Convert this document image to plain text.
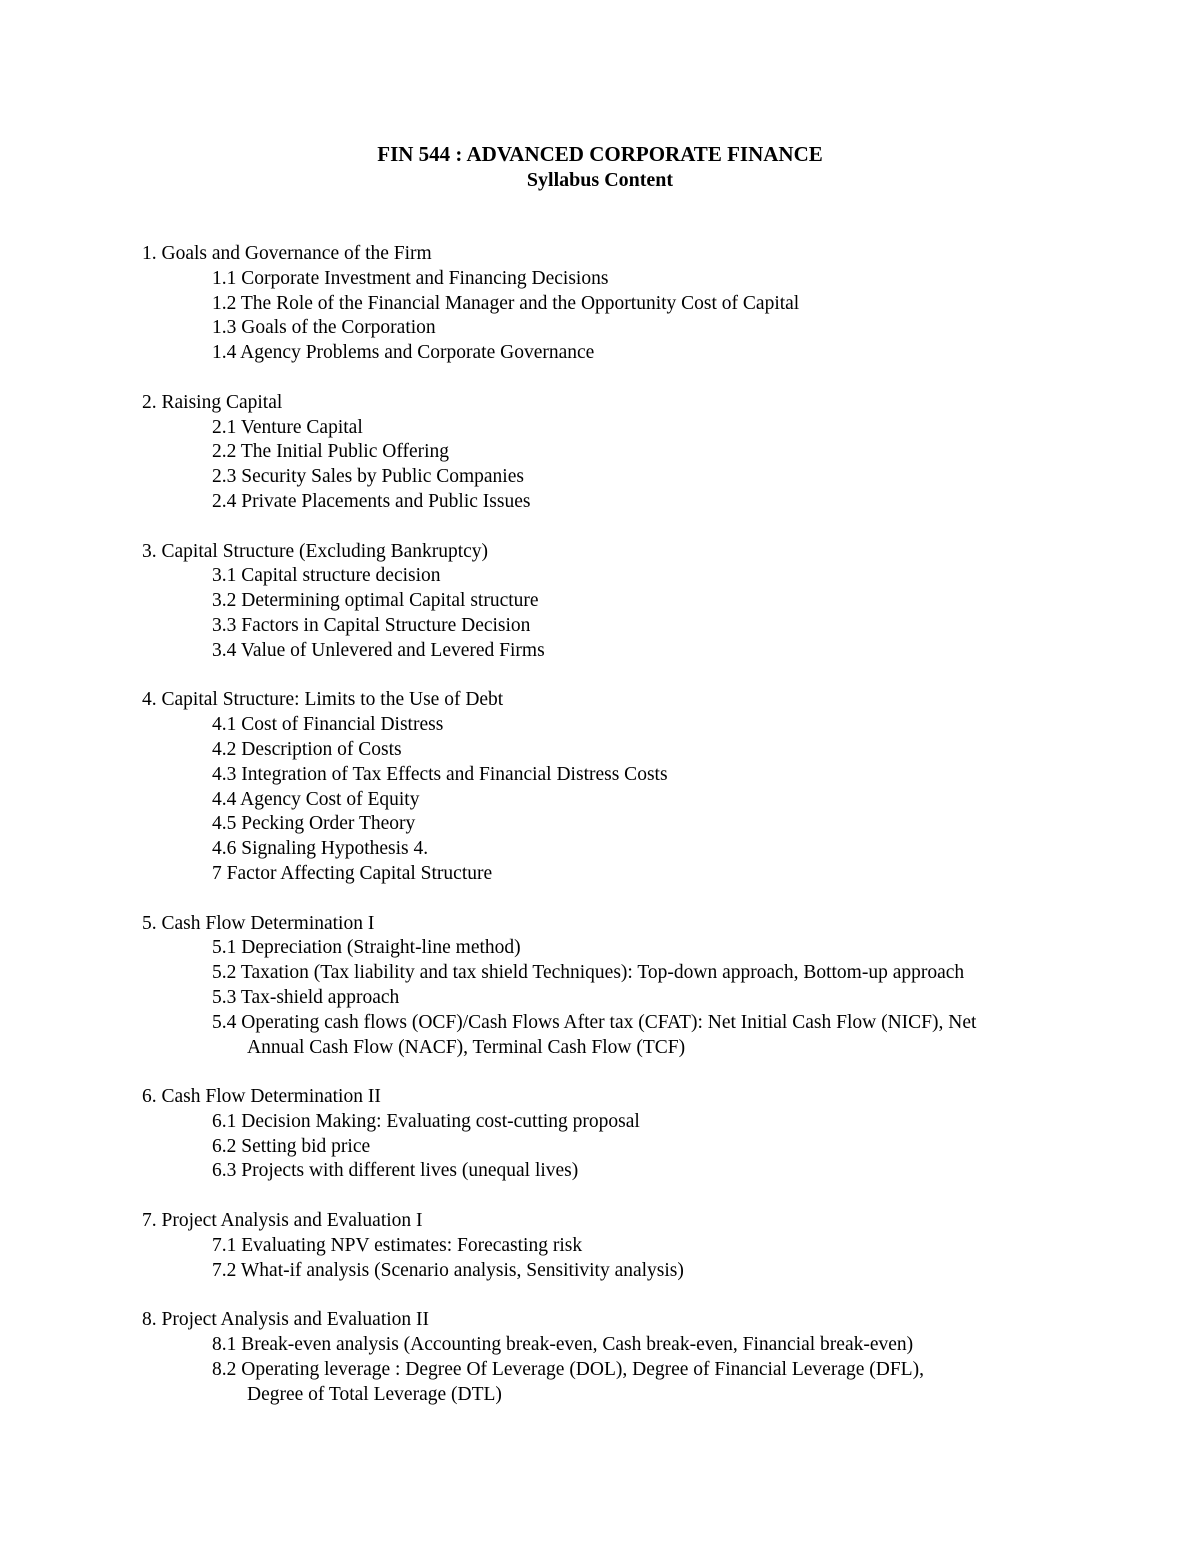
FIN 544 : ADVANCED CORPORATE FINANCE

Syllabus Content

1. Goals and Governance of the Firm

1.1 Corporate Investment and Financing Decisions
1.2 The Role of the Financial Manager and the Opportunity Cost of Capital
1.3 Goals of the Corporation
1.4 Agency Problems and Corporate Governance

2. Raising Capital

2.1 Venture Capital
2.2 The Initial Public Offering
2.3 Security Sales by Public Companies
2.4 Private Placements and Public Issues

3. Capital Structure (Excluding Bankruptcy)

3.1 Capital structure decision
3.2 Determining optimal Capital structure
3.3 Factors in Capital Structure Decision
3.4 Value of Unlevered and Levered Firms

4. Capital Structure: Limits to the Use of Debt

4.1 Cost of Financial Distress
4.2 Description of Costs
4.3 Integration of Tax Effects and Financial Distress Costs
4.4 Agency Cost of Equity
4.5 Pecking Order Theory
4.6 Signaling Hypothesis 4.
7 Factor Affecting Capital Structure

5. Cash Flow Determination I

5.1 Depreciation (Straight-line method)
5.2 Taxation (Tax liability and tax shield Techniques): Top-down approach, Bottom-up approach
5.3 Tax-shield approach
5.4 Operating cash flows (OCF)/Cash Flows After tax (CFAT): Net Initial Cash Flow (NICF), Net
Annual Cash Flow (NACF), Terminal Cash Flow (TCF)

6. Cash Flow Determination II

6.1 Decision Making: Evaluating cost-cutting proposal
6.2 Setting bid price
6.3 Projects with different lives (unequal lives)

7. Project Analysis and Evaluation I

7.1 Evaluating NPV estimates: Forecasting risk
7.2 What-if analysis (Scenario analysis, Sensitivity analysis)

8. Project Analysis and Evaluation II

8.1 Break-even analysis (Accounting break-even, Cash break-even, Financial break-even)
8.2 Operating leverage : Degree Of Leverage (DOL), Degree of Financial Leverage (DFL),
Degree of Total Leverage (DTL)
